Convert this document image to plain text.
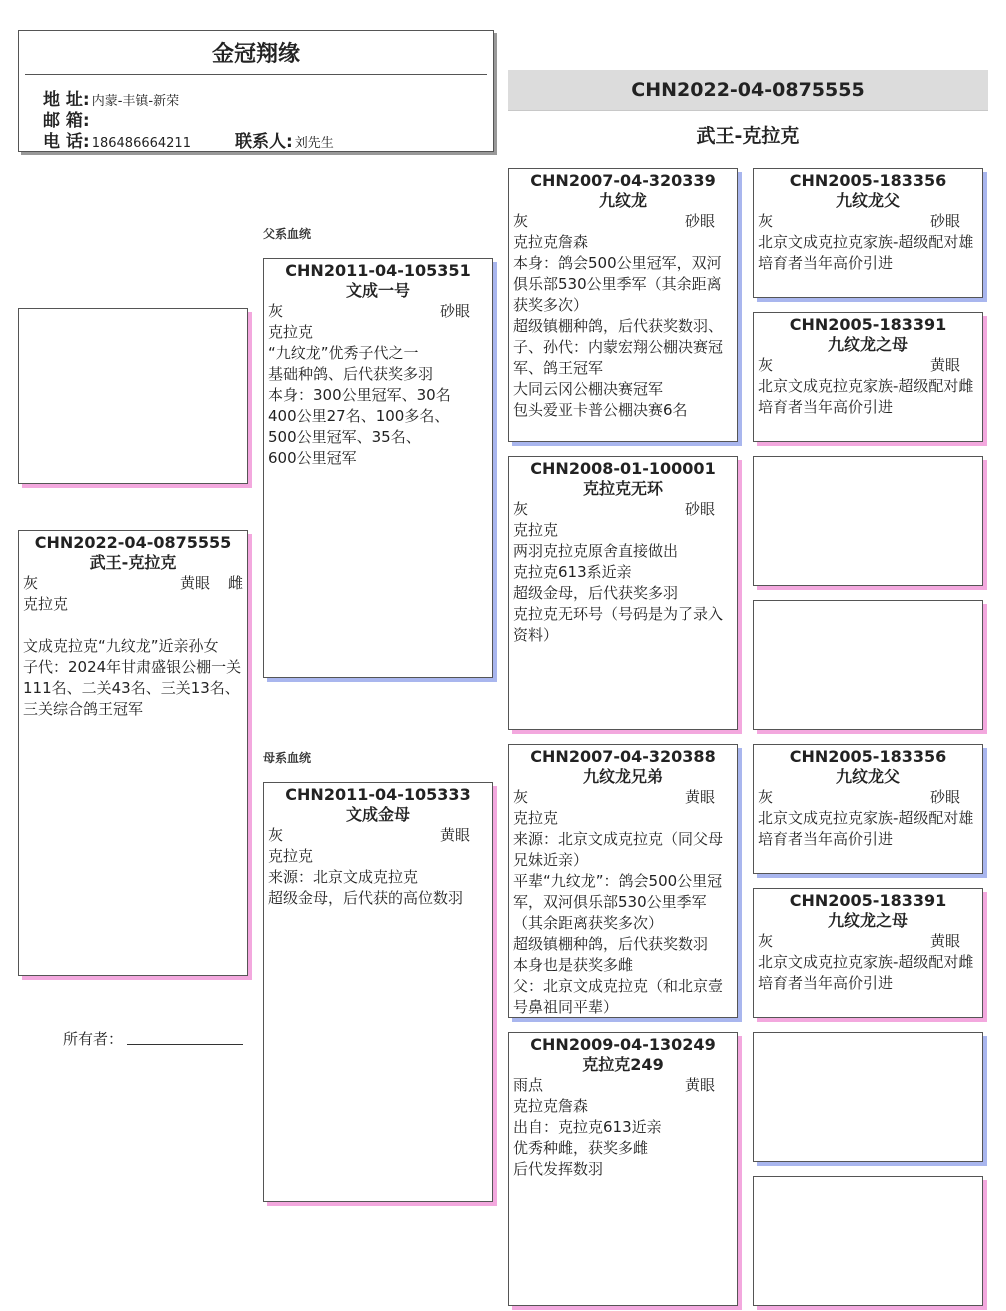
金冠翔缘
地 址: 内蒙-丰镇-新荣
邮 箱:
电 话: 186486664211	联系人: 刘先生
CHN2022-04-0875555
武王-克拉克
父系血统
母系血统
CHN2022-04-0875555
武王-克拉克
灰	黄眼 雌
克拉克
文成克拉克“九纹龙”近亲孙女
子代：2024年甘肃盛银公棚一关111名、二关43名、三关13名、三关综合鸽王冠军
所有者：
CHN2011-04-105351
文成一号
灰	砂眼
克拉克
“九纹龙”优秀子代之一
基础种鸽、后代获奖多羽
本身：300公里冠军、30名
400公里27名、100多名、
500公里冠军、35名、
600公里冠军
CHN2011-04-105333
文成金母
灰	黄眼
克拉克
来源：北京文成克拉克
超级金母，后代获的高位数羽
CHN2007-04-320339
九纹龙
灰	砂眼
克拉克詹森
本身：鸽会500公里冠军，双河俱乐部530公里季军（其余距离获奖多次）
超级镇棚种鸽，后代获奖数羽、
子、孙代：内蒙宏翔公棚决赛冠军、鸽王冠军
大同云冈公棚决赛冠军
包头爱亚卡普公棚决赛6名
CHN2008-01-100001
克拉克无环
灰	砂眼
克拉克
两羽克拉克原舍直接做出
克拉克613系近亲
超级金母，后代获奖多羽
克拉克无环号（号码是为了录入资料）
CHN2007-04-320388
九纹龙兄弟
灰	黄眼
克拉克
来源：北京文成克拉克（同父母兄妹近亲）
平辈“九纹龙”：鸽会500公里冠军，双河俱乐部530公里季军（其余距离获奖多次）
超级镇棚种鸽，后代获奖数羽
本身也是获奖多雌
父：北京文成克拉克（和北京壹号鼻祖同平辈）
CHN2009-04-130249
克拉克249
雨点	黄眼
克拉克詹森
出自：克拉克613近亲
优秀种雌，获奖多雌
后代发挥数羽
CHN2005-183356
九纹龙父
灰	砂眼
北京文成克拉克家族-超级配对雄
培育者当年高价引进
CHN2005-183391
九纹龙之母
灰	黄眼
北京文成克拉克家族-超级配对雌
培育者当年高价引进
CHN2005-183356
九纹龙父
灰	砂眼
北京文成克拉克家族-超级配对雄
培育者当年高价引进
CHN2005-183391
九纹龙之母
灰	黄眼
北京文成克拉克家族-超级配对雌
培育者当年高价引进
